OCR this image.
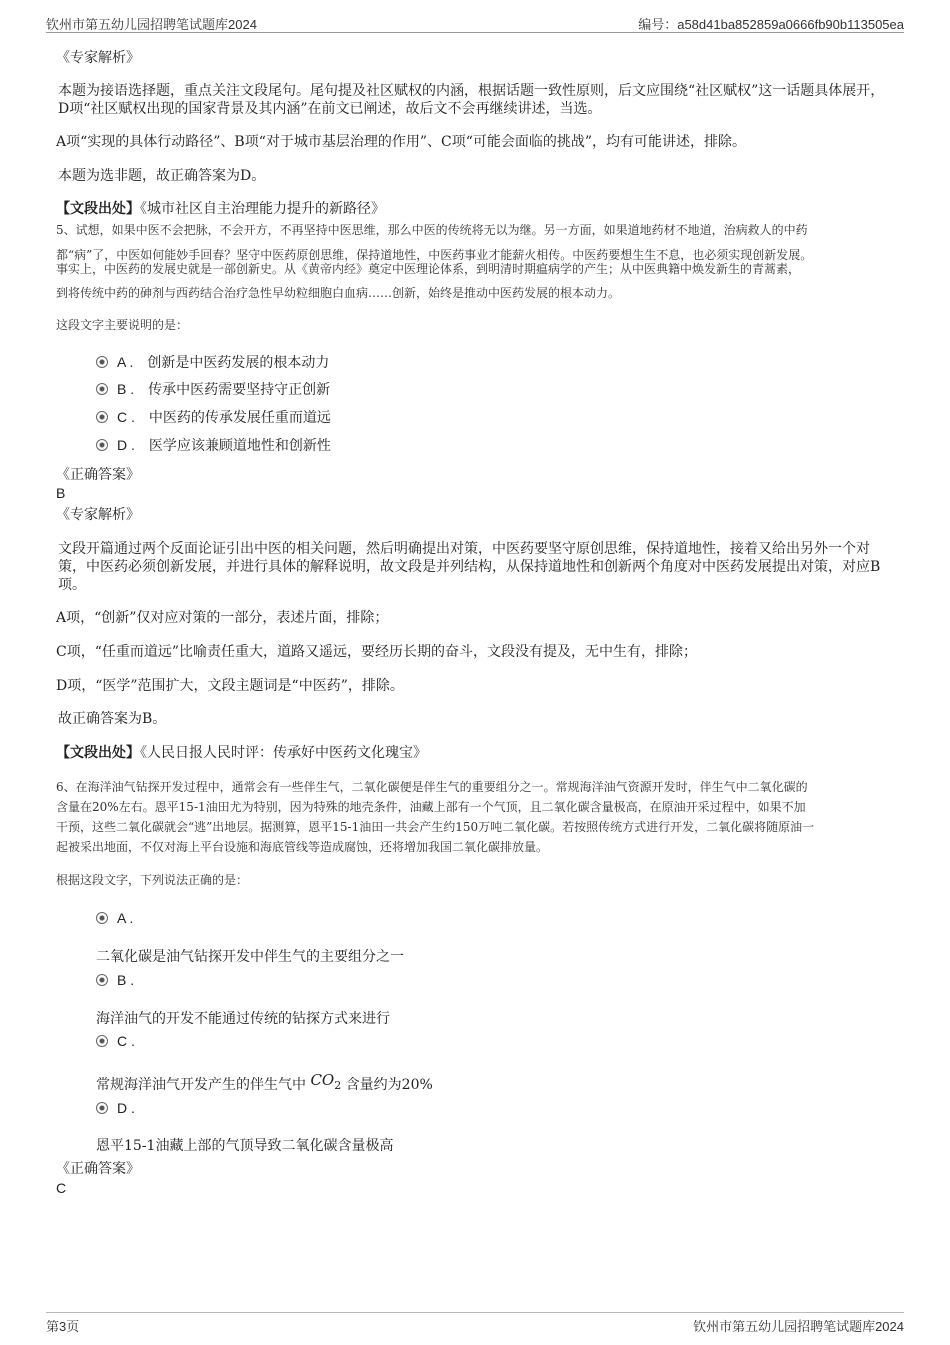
钦州市第五幼儿园招聘笔试题库2024	编号：a58d41ba852859a0666fb90b113505ea
《专家解析》
本题为接语选择题，重点关注文段尾句。尾句提及社区赋权的内涵，根据话题一致性原则，后文应围绕“社区赋权”这一话题具体展开，D项“社区赋权出现的国家背景及其内涵”在前文已阐述，故后文不会再继续讲述，当选。
A项“实现的具体行动路径”、B项“对于城市基层治理的作用”、C项“可能会面临的挑战”，均有可能讲述，排除。
本题为选非题，故正确答案为D。
【文段出处】《城市社区自主治理能力提升的新路径》
5、试想，如果中医不会把脉，不会开方，不再坚持中医思维，那么中医的传统将无以为继。另一方面，如果道地药材不地道，治病救人的中药
都“病”了，中医如何能妙手回春？坚守中医药原创思维，保持道地性，中医药事业才能薪火相传。中医药要想生生不息，也必须实现创新发展。
事实上，中医药的发展史就是一部创新史。从《黄帝内经》奠定中医理论体系，到明清时期瘟病学的产生；从中医典籍中焕发新生的青蒿素，
到将传统中药的砷剂与西药结合治疗急性早幼粒细胞白血病……创新，始终是推动中医药发展的根本动力。
这段文字主要说明的是：
A . 创新是中医药发展的根本动力
B . 传承中医药需要坚持守正创新
C . 中医药的传承发展任重而道远
D . 医学应该兼顾道地性和创新性
《正确答案》
B
《专家解析》
文段开篇通过两个反面论证引出中医的相关问题，然后明确提出对策，中医药要坚守原创思维，保持道地性，接着又给出另外一个对策，中医药必须创新发展，并进行具体的解释说明，故文段是并列结构，从保持道地性和创新两个角度对中医药发展提出对策，对应B项。
A项，“创新”仅对应对策的一部分，表述片面，排除；
C项，“任重而道远”比喻责任重大，道路又遥远，要经历长期的奋斗，文段没有提及，无中生有，排除；
D项，“医学”范围扩大，文段主题词是“中医药”，排除。
故正确答案为B。
【文段出处】《人民日报人民时评：传承好中医药文化瑰宝》
6、在海洋油气钻探开发过程中，通常会有一些伴生气，二氧化碳便是伴生气的重要组分之一。常规海洋油气资源开发时，伴生气中二氧化碳的
含量在20%左右。恩平15-1油田尤为特别，因为特殊的地壳条件，油藏上部有一个气顶，且二氧化碳含量极高，在原油开采过程中，如果不加
干预，这些二氧化碳就会“逃”出地层。据测算，恩平15-1油田一共会产生约150万吨二氧化碳。若按照传统方式进行开发，二氧化碳将随原油一
起被采出地面，不仅对海上平台设施和海底管线等造成腐蚀，还将增加我国二氧化碳排放量。
根据这段文字，下列说法正确的是：
A .
二氧化碳是油气钻探开发中伴生气的主要组分之一
B .
海洋油气的开发不能通过传统的钻探方式来进行
C .
常规海洋油气开发产生的伴生气中 $CO_2$ 含量约为20%
D .
恩平15-1油藏上部的气顶导致二氧化碳含量极高
《正确答案》
C
第3页	钦州市第五幼儿园招聘笔试题库2024
